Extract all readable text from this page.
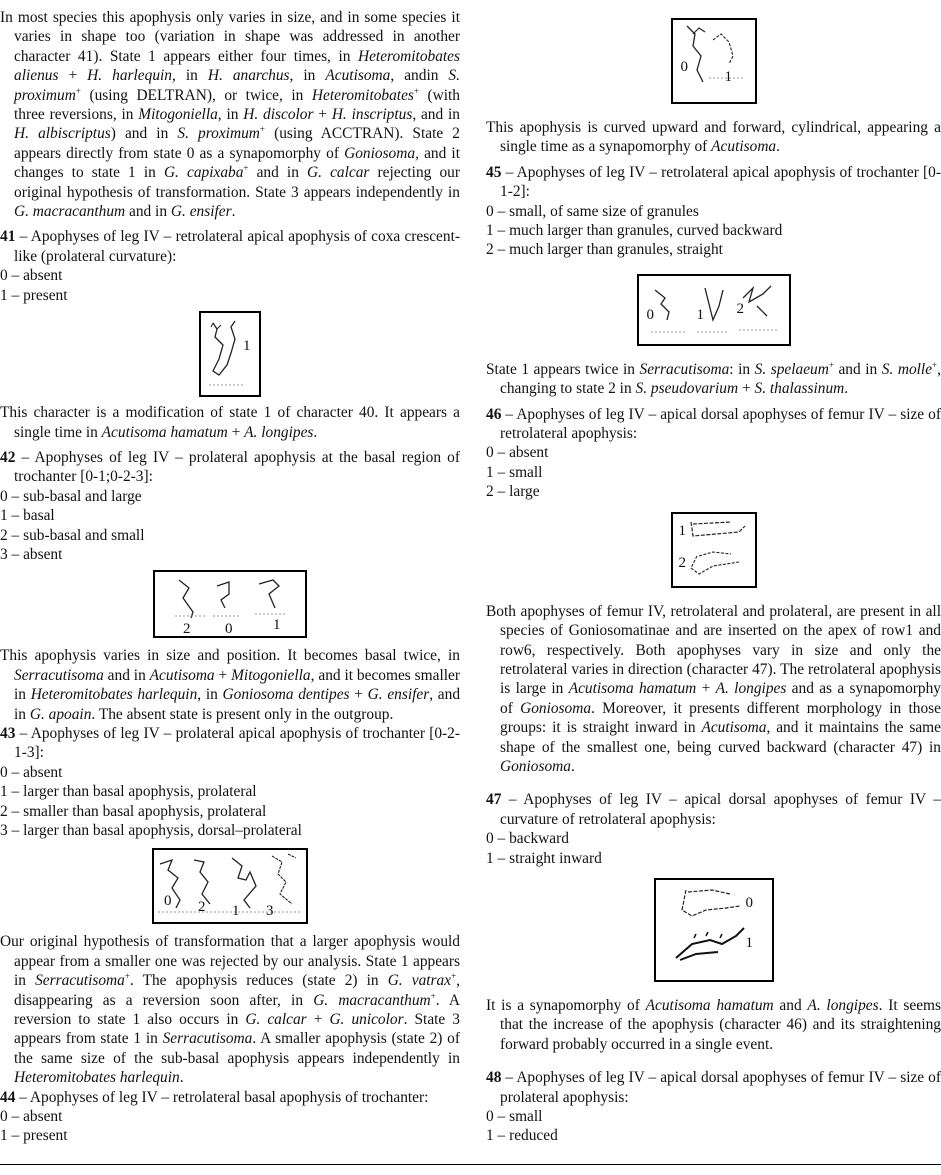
In most species this apophysis only varies in size, and in some species it varies in shape too (variation in shape was addressed in another character 41). State 1 appears either four times, in Heteromitobates alienus + H. harlequin, in H. anarchus, in Acutisoma, andin S. proximum+ (using DELTRAN), or twice, in Heteromitobates+ (with three reversions, in Mitogoniella, in H. discolor + H. inscriptus, and in H. albiscriptus) and in S. proximum+ (using ACCTRAN). State 2 appears directly from state 0 as a synapomorphy of Goniosoma, and it changes to state 1 in G. capixaba+ and in G. calcar rejecting our original hypothesis of transformation. State 3 appears independently in G. macracanthum and in G. ensifer.

41 – Apophyses of leg IV – retrolateral apical apophysis of coxa crescent-like (prolateral curvature):

0 – absent

1 – present

1

This character is a modification of state 1 of character 40. It appears a single time in Acutisoma hamatum + A. longipes.

42 – Apophyses of leg IV – prolateral apophysis at the basal region of trochanter [0-1;0-2-3]:

0 – sub-basal and large

1 – basal

2 – sub-basal and small

3 – absent

2 0	1

This apophysis varies in size and position. It becomes basal twice, in Serracutisoma and in Acutisoma + Mitogoniella, and it becomes smaller in Heteromitobates harlequin, in Goniosoma dentipes + G. ensifer, and in G. apoain. The absent state is present only in the outgroup.

43 – Apophyses of leg IV – prolateral apical apophysis of trochanter [0-2-1-3]:

0 – absent

1 – larger than basal apophysis, prolateral

2 – smaller than basal apophysis, prolateral

3 – larger than basal apophysis, dorsal–prolateral

0 2 1 3

Our original hypothesis of transformation that a larger apophysis would appear from a smaller one was rejected by our analysis. State 1 appears in Serracutisoma+. The apophysis reduces (state 2) in G. vatrax+, disappearing as a reversion soon after, in G. macracanthum+. A reversion to state 1 also occurs in G. calcar + G. unicolor. State 3 appears from state 1 in Serracutisoma. A smaller apophysis (state 2) of the same size of the sub-basal apophysis appears independently in Heteromitobates harlequin.

44 – Apophyses of leg IV – retrolateral basal apophysis of trochanter:

0 – absent

1 – present

0
1

This apophysis is curved upward and forward, cylindrical, appearing a single time as a synapomorphy of Acutisoma.

45 – Apophyses of leg IV – retrolateral apical apophysis of trochanter [0-1-2]:

0 – small, of same size of granules

1 – much larger than granules, curved backward

2 – much larger than granules, straight

0	1 2

State 1 appears twice in Serracutisoma: in S. spelaeum+ and in S. molle+, changing to state 2 in S. pseudovarium + S. thalassinum.

46 – Apophyses of leg IV – apical dorsal apophyses of femur IV – size of retrolateral apophysis:

0 – absent

1 – small

2 – large

1
2

Both apophyses of femur IV, retrolateral and prolateral, are present in all species of Goniosomatinae and are inserted on the apex of row1 and row6, respectively. Both apophyses vary in size and only the retrolateral varies in direction (character 47). The retrolateral apophysis is large in Acutisoma hamatum + A. longipes and as a synapomorphy of Goniosoma. Moreover, it presents different morphology in those groups: it is straight inward in Acutisoma, and it maintains the same shape of the smallest one, being curved backward (character 47) in Goniosoma.

47 – Apophyses of leg IV – apical dorsal apophyses of femur IV – curvature of retrolateral apophysis:

0 – backward

1 – straight inward

0
1

It is a synapomorphy of Acutisoma hamatum and A. longipes. It seems that the increase of the apophysis (character 46) and its straightening forward probably occurred in a single event.

48 – Apophyses of leg IV – apical dorsal apophyses of femur IV – size of prolateral apophysis:

0 – small

1 – reduced
